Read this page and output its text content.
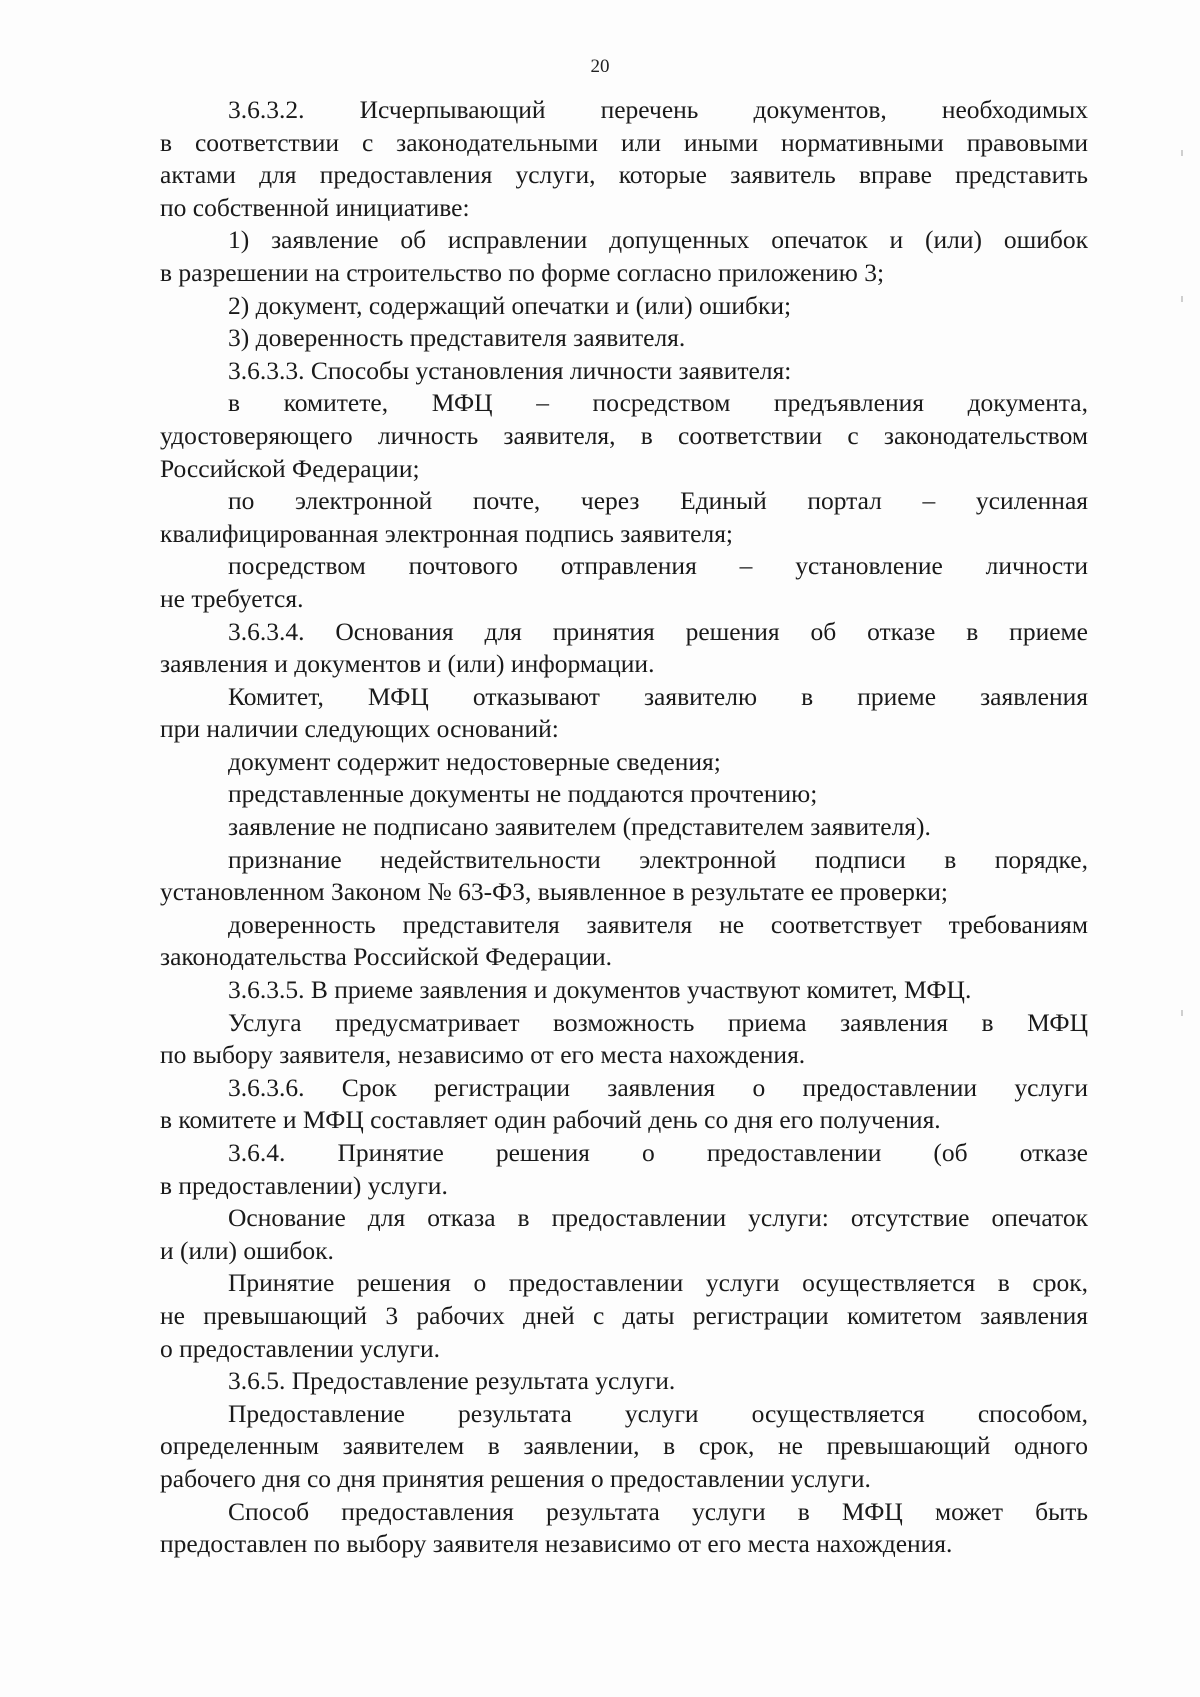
20
3.6.3.2. Исчерпывающий перечень документов, необходимых
в соответствии с законодательными или иными нормативными правовыми
актами для предоставления услуги, которые заявитель вправе представить
по собственной инициативе:
1) заявление об исправлении допущенных опечаток и (или) ошибок
в разрешении на строительство по форме согласно приложению 3;
2) документ, содержащий опечатки и (или) ошибки;
3) доверенность представителя заявителя.
3.6.3.3. Способы установления личности заявителя:
в комитете, МФЦ – посредством предъявления документа,
удостоверяющего личность заявителя, в соответствии с законодательством
Российской Федерации;
по электронной почте, через Единый портал – усиленная
квалифицированная электронная подпись заявителя;
посредством почтового отправления – установление личности
не требуется.
3.6.3.4. Основания для принятия решения об отказе в приеме
заявления и документов и (или) информации.
Комитет, МФЦ отказывают заявителю в приеме заявления
при наличии следующих оснований:
документ содержит недостоверные сведения;
представленные документы не поддаются прочтению;
заявление не подписано заявителем (представителем заявителя).
признание недействительности электронной подписи в порядке,
установленном Законом № 63-ФЗ, выявленное в результате ее проверки;
доверенность представителя заявителя не соответствует требованиям
законодательства Российской Федерации.
3.6.3.5. В приеме заявления и документов участвуют комитет, МФЦ.
Услуга предусматривает возможность приема заявления в МФЦ
по выбору заявителя, независимо от его места нахождения.
3.6.3.6. Срок регистрации заявления о предоставлении услуги
в комитете и МФЦ составляет один рабочий день со дня его получения.
3.6.4. Принятие решения о предоставлении (об отказе
в предоставлении) услуги.
Основание для отказа в предоставлении услуги: отсутствие опечаток
и (или) ошибок.
Принятие решения о предоставлении услуги осуществляется в срок,
не превышающий 3 рабочих дней с даты регистрации комитетом заявления
о предоставлении услуги.
3.6.5. Предоставление результата услуги.
Предоставление результата услуги осуществляется способом,
определенным заявителем в заявлении, в срок, не превышающий одного
рабочего дня со дня принятия решения о предоставлении услуги.
Способ предоставления результата услуги в МФЦ может быть
предоставлен по выбору заявителя независимо от его места нахождения.
